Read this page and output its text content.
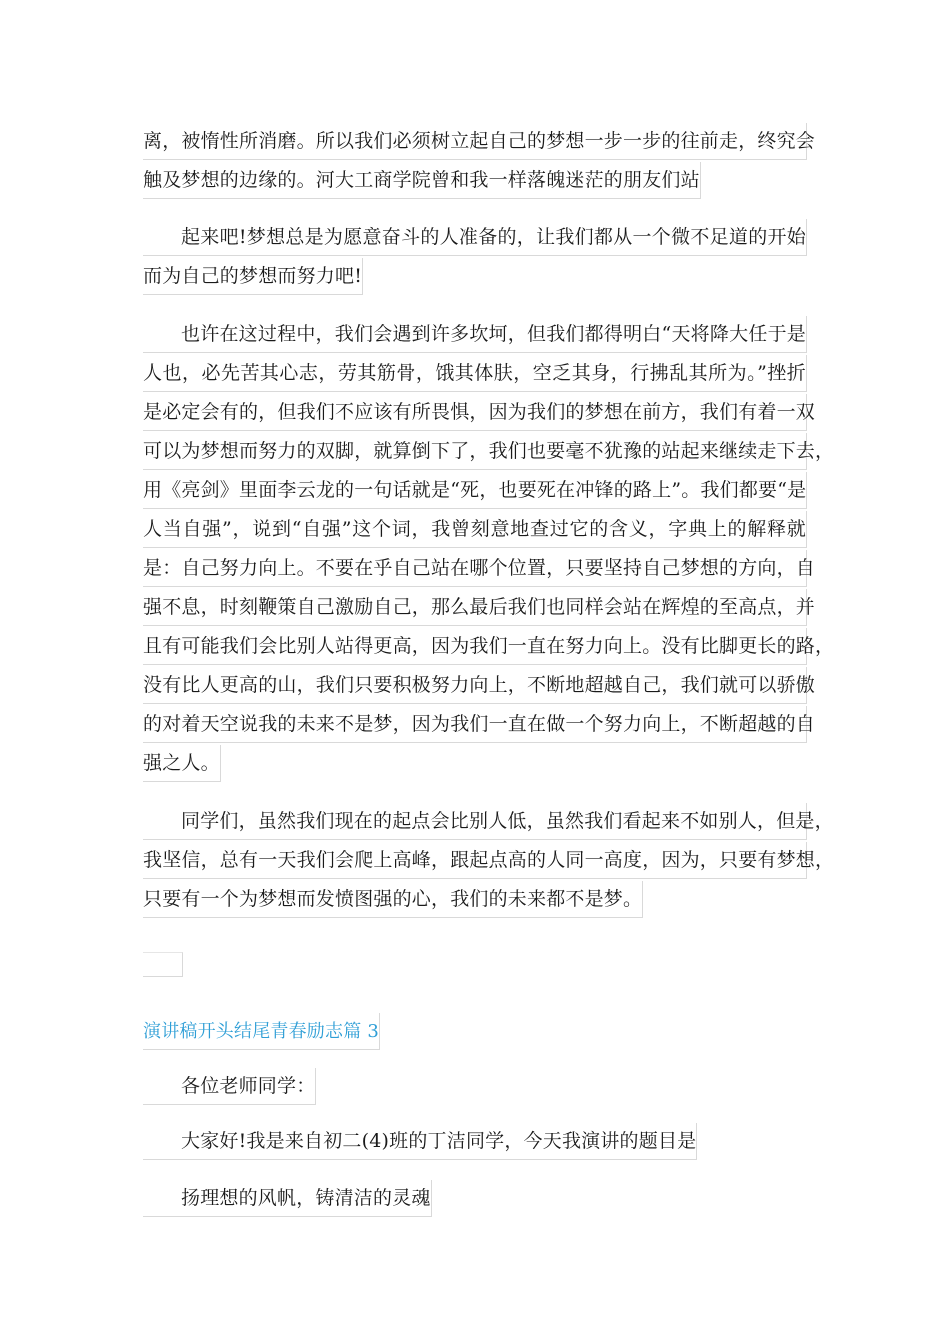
离，被惰性所消磨。所以我们必须树立起自己的梦想一步一步的往前走，终究会
触及梦想的边缘的。河大工商学院曾和我一样落魄迷茫的朋友们站
起来吧!梦想总是为愿意奋斗的人准备的，让我们都从一个微不足道的开始
而为自己的梦想而努力吧!
也许在这过程中，我们会遇到许多坎坷，但我们都得明白“天将降大任于是
人也，必先苦其心志，劳其筋骨，饿其体肤，空乏其身，行拂乱其所为。”挫折
是必定会有的，但我们不应该有所畏惧，因为我们的梦想在前方，我们有着一双
可以为梦想而努力的双脚，就算倒下了，我们也要毫不犹豫的站起来继续走下去，
用《亮剑》里面李云龙的一句话就是“死，也要死在冲锋的路上”。我们都要“是
人当自强”，说到“自强”这个词，我曾刻意地查过它的含义，字典上的解释就
是：自己努力向上。不要在乎自己站在哪个位置，只要坚持自己梦想的方向，自
强不息，时刻鞭策自己激励自己，那么最后我们也同样会站在辉煌的至高点，并
且有可能我们会比别人站得更高，因为我们一直在努力向上。没有比脚更长的路，
没有比人更高的山，我们只要积极努力向上，不断地超越自己，我们就可以骄傲
的对着天空说我的未来不是梦，因为我们一直在做一个努力向上，不断超越的自
强之人。
同学们，虽然我们现在的起点会比别人低，虽然我们看起来不如别人，但是，
我坚信，总有一天我们会爬上高峰，跟起点高的人同一高度，因为，只要有梦想，
只要有一个为梦想而发愤图强的心，我们的未来都不是梦。
演讲稿开头结尾青春励志篇 3
各位老师同学：
大家好!我是来自初二(4)班的丁洁同学，今天我演讲的题目是
扬理想的风帆，铸清洁的灵魂
